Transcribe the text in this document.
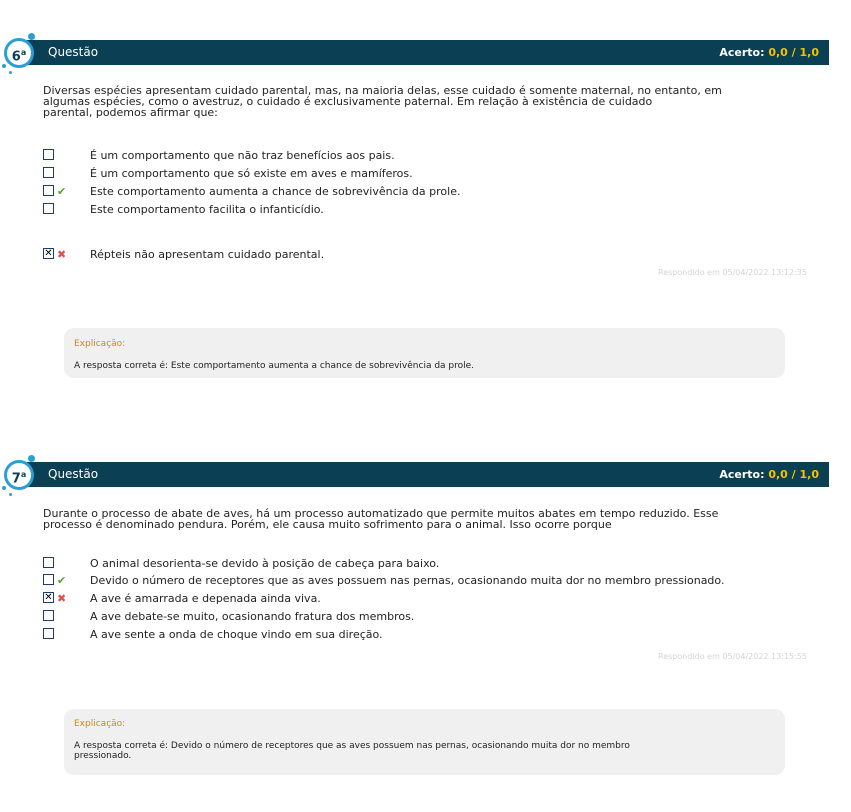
Questão	Acerto: 0,0 / 1,0
6$^a$
Diversas espécies apresentam cuidado parental, mas, na maioria delas, esse cuidado é somente maternal, no entanto, em
algumas espécies, como o avestruz, o cuidado é exclusivamente paternal. Em relação à existência de cuidado
parental, podemos afirmar que:
É um comportamento que não traz benefícios aos pais.
É um comportamento que só existe em aves e mamíferos.
✔ Este comportamento aumenta a chance de sobrevivência da prole.
Este comportamento facilita o infanticídio.
✕ ✖ Répteis não apresentam cuidado parental.
Respondido em 05/04/2022 13:12:35
Explicação:
A resposta correta é: Este comportamento aumenta a chance de sobrevivência da prole.
Questão	Acerto: 0,0 / 1,0
7$^a$
Durante o processo de abate de aves, há um processo automatizado que permite muitos abates em tempo reduzido. Esse
processo é denominado pendura. Porém, ele causa muito sofrimento para o animal. Isso ocorre porque
O animal desorienta-se devido à posição de cabeça para baixo.
✔ Devido o número de receptores que as aves possuem nas pernas, ocasionando muita dor no membro pressionado.
✕ ✖ A ave é amarrada e depenada ainda viva.
A ave debate-se muito, ocasionando fratura dos membros.
A ave sente a onda de choque vindo em sua direção.
Respondido em 05/04/2022 13:15:55
Explicação:
A resposta correta é: Devido o número de receptores que as aves possuem nas pernas, ocasionando muita dor no membro
pressionado.
